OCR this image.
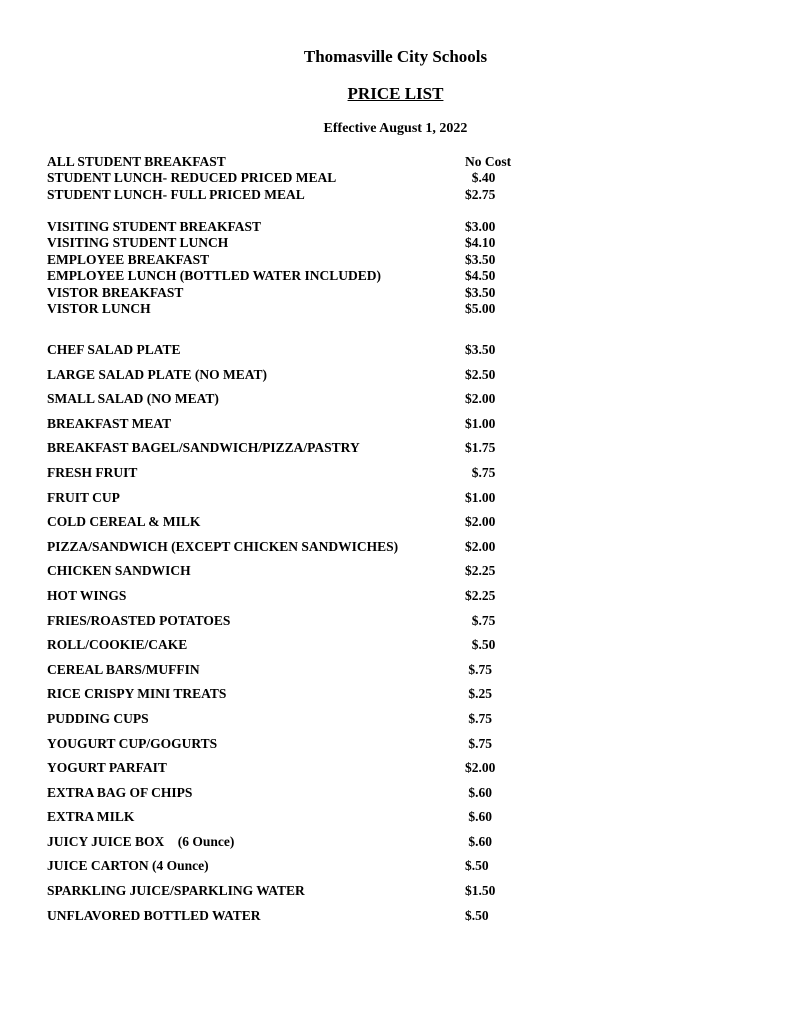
Thomasville City Schools
PRICE LIST
Effective August 1, 2022
ALL STUDENT BREAKFAST	No Cost
STUDENT LUNCH- REDUCED PRICED MEAL	$.40
STUDENT LUNCH- FULL PRICED MEAL	$2.75
VISITING STUDENT BREAKFAST	$3.00
VISITING STUDENT LUNCH	$4.10
EMPLOYEE BREAKFAST	$3.50
EMPLOYEE LUNCH (BOTTLED WATER INCLUDED)	$4.50
VISTOR BREAKFAST	$3.50
VISTOR LUNCH	$5.00
CHEF SALAD PLATE	$3.50
LARGE SALAD PLATE (NO MEAT)	$2.50
SMALL SALAD (NO MEAT)	$2.00
BREAKFAST MEAT	$1.00
BREAKFAST BAGEL/SANDWICH/PIZZA/PASTRY	$1.75
FRESH FRUIT	$.75
FRUIT CUP	$1.00
COLD CEREAL & MILK	$2.00
PIZZA/SANDWICH (EXCEPT CHICKEN SANDWICHES)	$2.00
CHICKEN SANDWICH	$2.25
HOT WINGS	$2.25
FRIES/ROASTED POTATOES	$.75
ROLL/COOKIE/CAKE	$.50
CEREAL BARS/MUFFIN	$.75
RICE CRISPY MINI TREATS	$.25
PUDDING CUPS	$.75
YOUGURT CUP/GOGURTS	$.75
YOGURT PARFAIT	$2.00
EXTRA BAG OF CHIPS	$.60
EXTRA MILK	$.60
JUICY JUICE BOX    (6 Ounce)	$.60
JUICE CARTON (4 Ounce)	$.50
SPARKLING JUICE/SPARKLING WATER	$1.50
UNFLAVORED BOTTLED WATER	$.50
